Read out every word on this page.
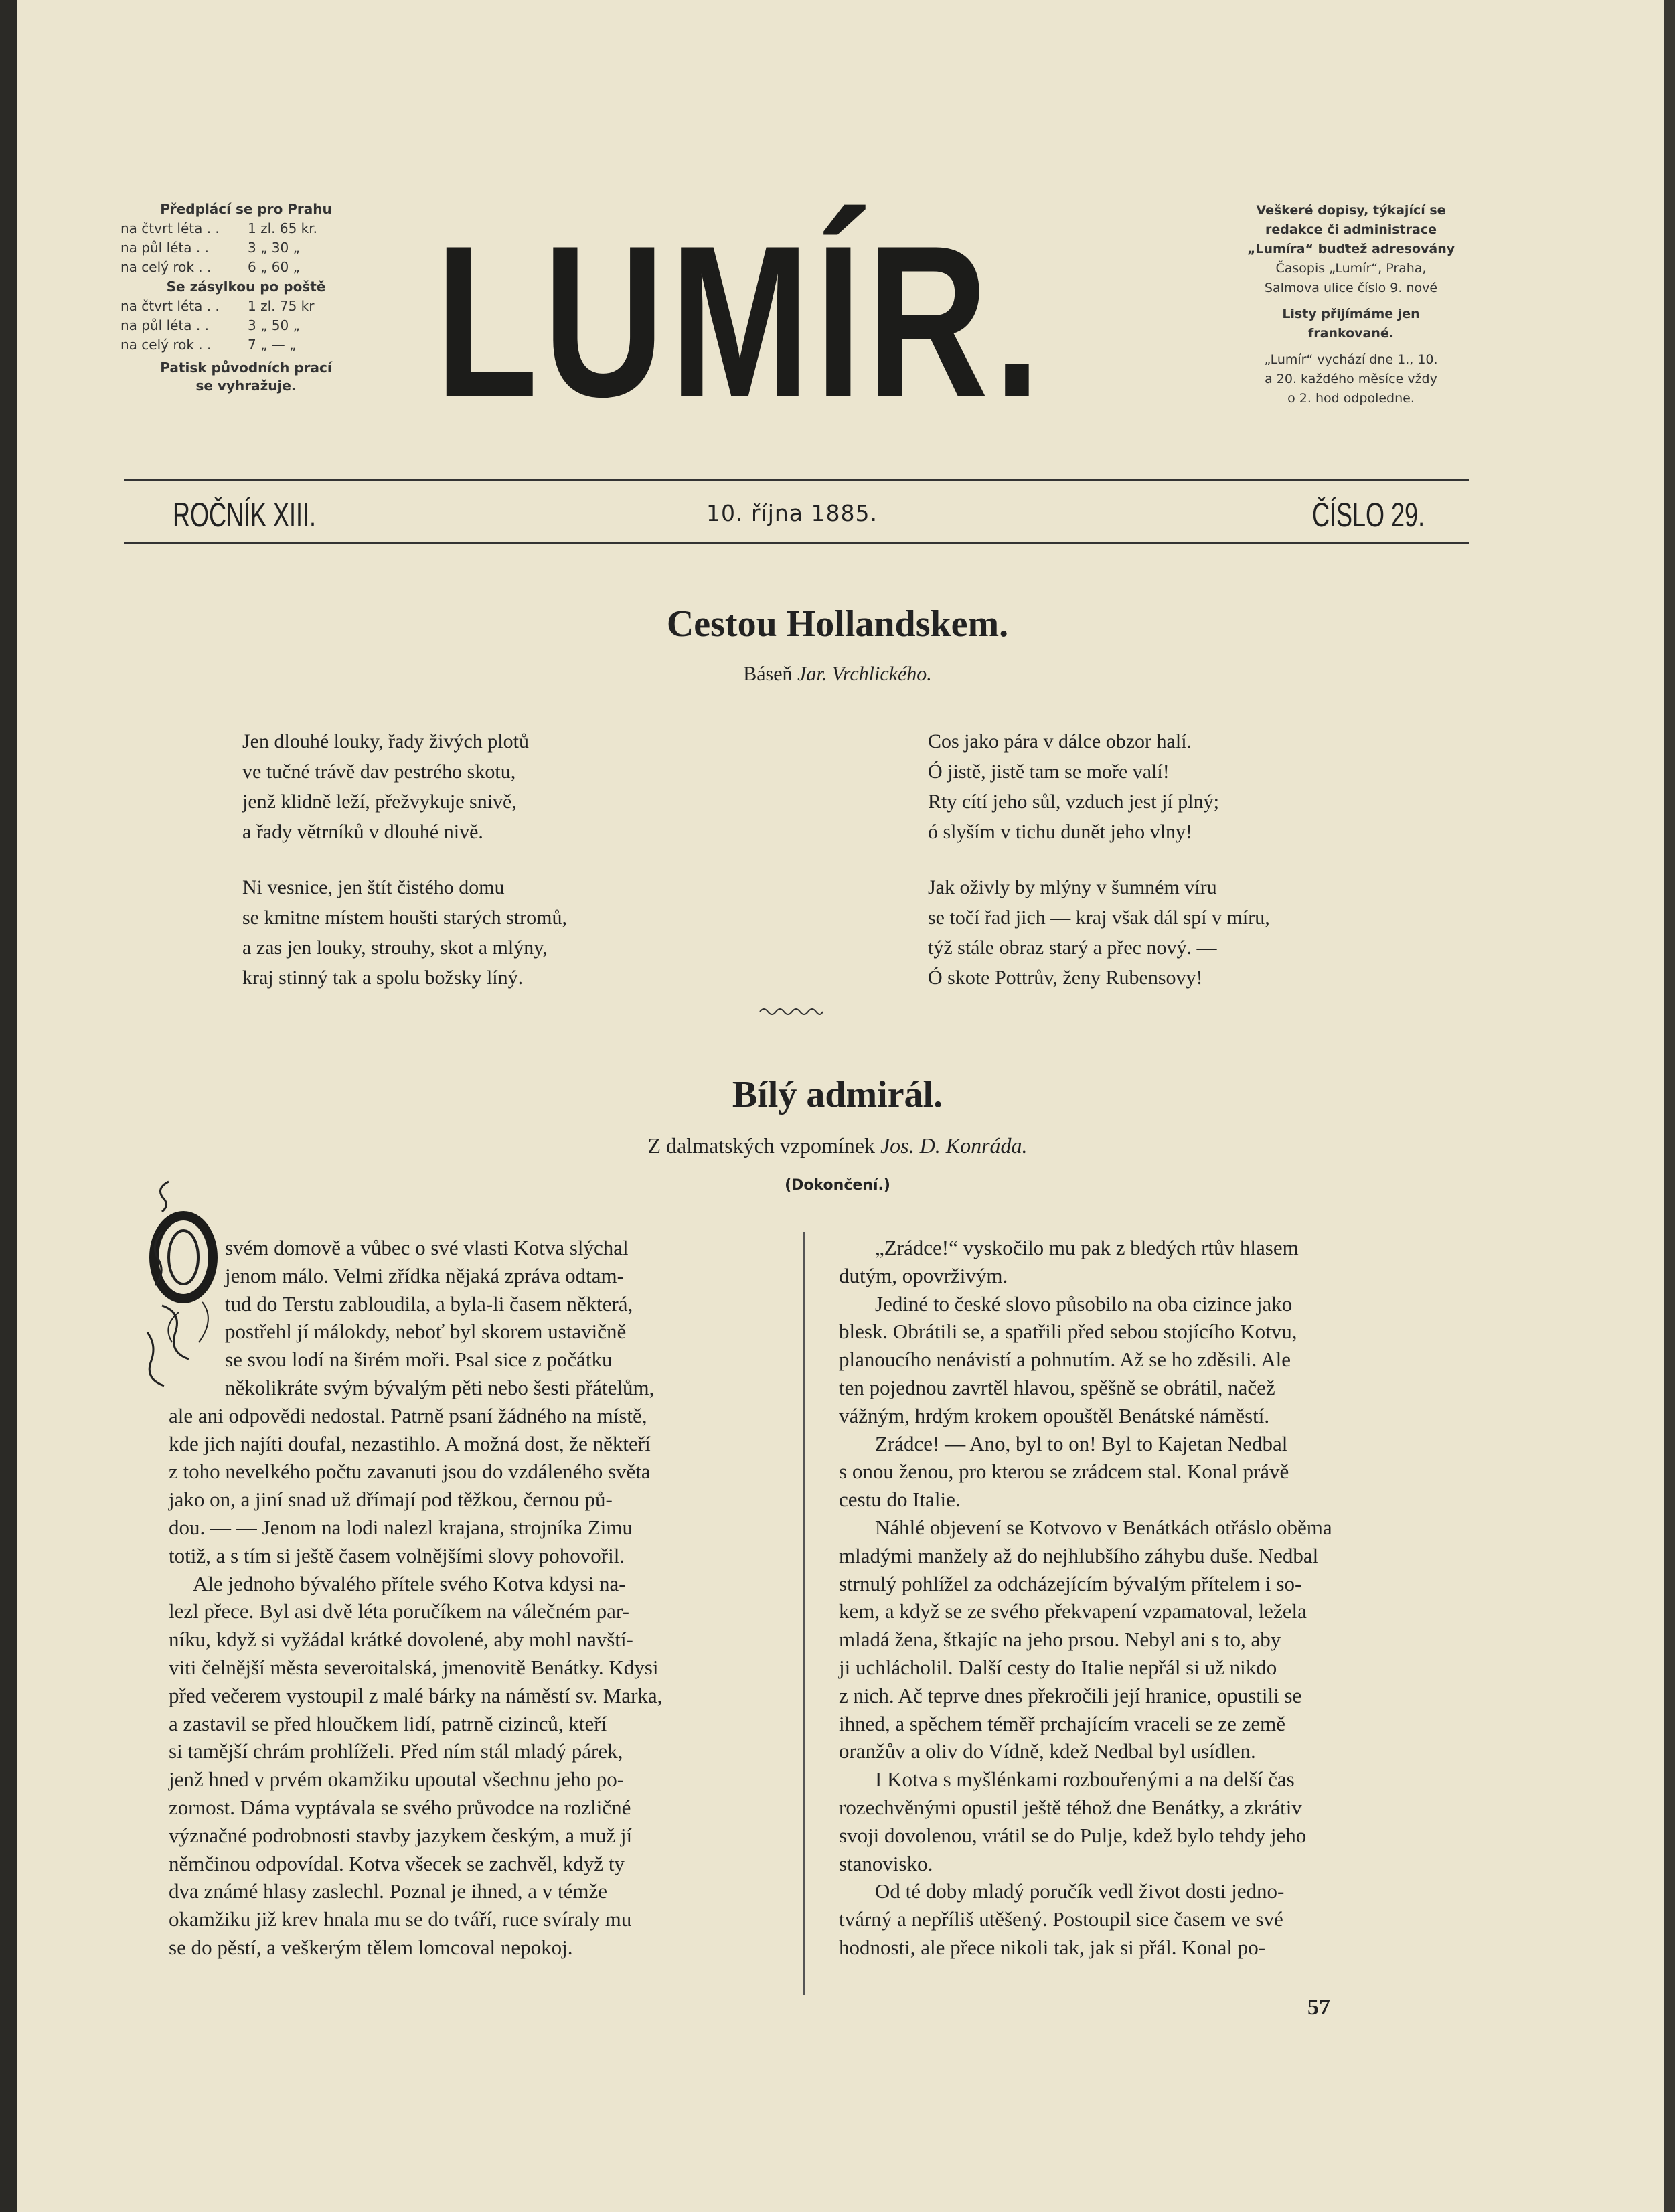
Předplácí se pro Prahu
na čtvrt léta . .	1 zl. 65 kr.
na půl léta . .	3 „ 30 „
na celý rok . .	6 „ 60 „
Se zásylkou po poště
na čtvrt léta . .	1 zl. 75 kr
na půl léta . .	3 „ 50 „
na celý rok . .	7 „ — „
Patisk původních prací
se vyhražuje. LUMÍR.	Veškeré dopisy, týkající se
redakce či administrace
„Lumíra“ buďtež adresovány
Časopis „Lumír“, Praha,
Salmova ulice číslo 9. nové
Listy přijímáme jen
frankované.
„Lumír“ vychází dne 1., 10.
a 20. každého měsíce vždy
o 2. hod odpoledne.
ROČNÍK XIII.	10. října 1885.	ČÍSLO 29.
Cestou Hollandskem.
Báseň Jar. Vrchlického.
Jen dlouhé louky, řady živých plotů
ve tučné trávě dav pestrého skotu,
jenž klidně leží, přežvykuje snivě,
a řady větrníků v dlouhé nivě.
Ni vesnice, jen štít čistého domu
se kmitne místem houšti starých stromů,
a zas jen louky, strouhy, skot a mlýny,
kraj stinný tak a spolu božsky líný.
Cos jako pára v dálce obzor halí.
Ó jistě, jistě tam se moře valí!
Rty cítí jeho sůl, vzduch jest jí plný;
ó slyším v tichu dunět jeho vlny!
Jak oživly by mlýny v šumném víru
se točí řad jich — kraj však dál spí v míru,
týž stále obraz starý a přec nový. —
Ó skote Pottrův, ženy Rubensovy!
Bílý admirál.
Z dalmatských vzpomínek Jos. D. Konráda.
(Dokončení.)
svém domově a vůbec o své vlasti Kotva slýchal
jenom málo. Velmi zřídka nějaká zpráva odtam-
tud do Terstu zabloudila, a byla-li časem některá,
postřehl jí málokdy, neboť byl skorem ustavičně
se svou lodí na širém moři. Psal sice z počátku
několikráte svým bývalým pěti nebo šesti přátelům,
ale ani odpovědi nedostal. Patrně psaní žádného na místě,
kde jich najíti doufal, nezastihlo. A možná dost, že někteří
z toho nevelkého počtu zavanuti jsou do vzdáleného světa
jako on, a jiní snad už dřímají pod těžkou, černou pů-
dou. — — Jenom na lodi nalezl krajana, strojníka Zimu
totiž, a s tím si ještě časem volnějšími slovy pohovořil.
Ale jednoho bývalého přítele svého Kotva kdysi na-
lezl přece. Byl asi dvě léta poručíkem na válečném par-
níku, když si vyžádal krátké dovolené, aby mohl navští-
viti čelnější města severoitalská, jmenovitě Benátky. Kdysi
před večerem vystoupil z malé bárky na náměstí sv. Marka,
a zastavil se před hloučkem lidí, patrně cizinců, kteří
si tamější chrám prohlíželi. Před ním stál mladý párek,
jenž hned v prvém okamžiku upoutal všechnu jeho po-
zornost. Dáma vyptávala se svého průvodce na rozličné
význačné podrobnosti stavby jazykem českým, a muž jí
němčinou odpovídal. Kotva všecek se zachvěl, když ty
dva známé hlasy zaslechl. Poznal je ihned, a v témže
okamžiku již krev hnala mu se do tváří, ruce svíraly mu
se do pěstí, a veškerým tělem lomcoval nepokoj.
„Zrádce!“ vyskočilo mu pak z bledých rtův hlasem
dutým, opovrživým.
Jediné to české slovo působilo na oba cizince jako
blesk. Obrátili se, a spatřili před sebou stojícího Kotvu,
planoucího nenávistí a pohnutím. Až se ho zděsili. Ale
ten pojednou zavrtěl hlavou, spěšně se obrátil, načež
vážným, hrdým krokem opouštěl Benátské náměstí.
Zrádce! — Ano, byl to on! Byl to Kajetan Nedbal
s onou ženou, pro kterou se zrádcem stal. Konal právě
cestu do Italie.
Náhlé objevení se Kotvovo v Benátkách otřáslo oběma
mladými manžely až do nejhlubšího záhybu duše. Nedbal
strnulý pohlížel za odcházejícím bývalým přítelem i so-
kem, a když se ze svého překvapení vzpamatoval, ležela
mladá žena, štkajíc na jeho prsou. Nebyl ani s to, aby
ji uchlácholil. Další cesty do Italie nepřál si už nikdo
z nich. Ač teprve dnes překročili její hranice, opustili se
ihned, a spěchem téměř prchajícím vraceli se ze země
oranžův a oliv do Vídně, kdež Nedbal byl usídlen.
I Kotva s myšlénkami rozbouřenými a na delší čas
rozechvěnými opustil ještě téhož dne Benátky, a zkrátiv
svoji dovolenou, vrátil se do Pulje, kdež bylo tehdy jeho
stanovisko.
Od té doby mladý poručík vedl život dosti jedno-
tvárný a nepříliš utěšený. Postoupil sice časem ve své
hodnosti, ale přece nikoli tak, jak si přál. Konal po-
57
